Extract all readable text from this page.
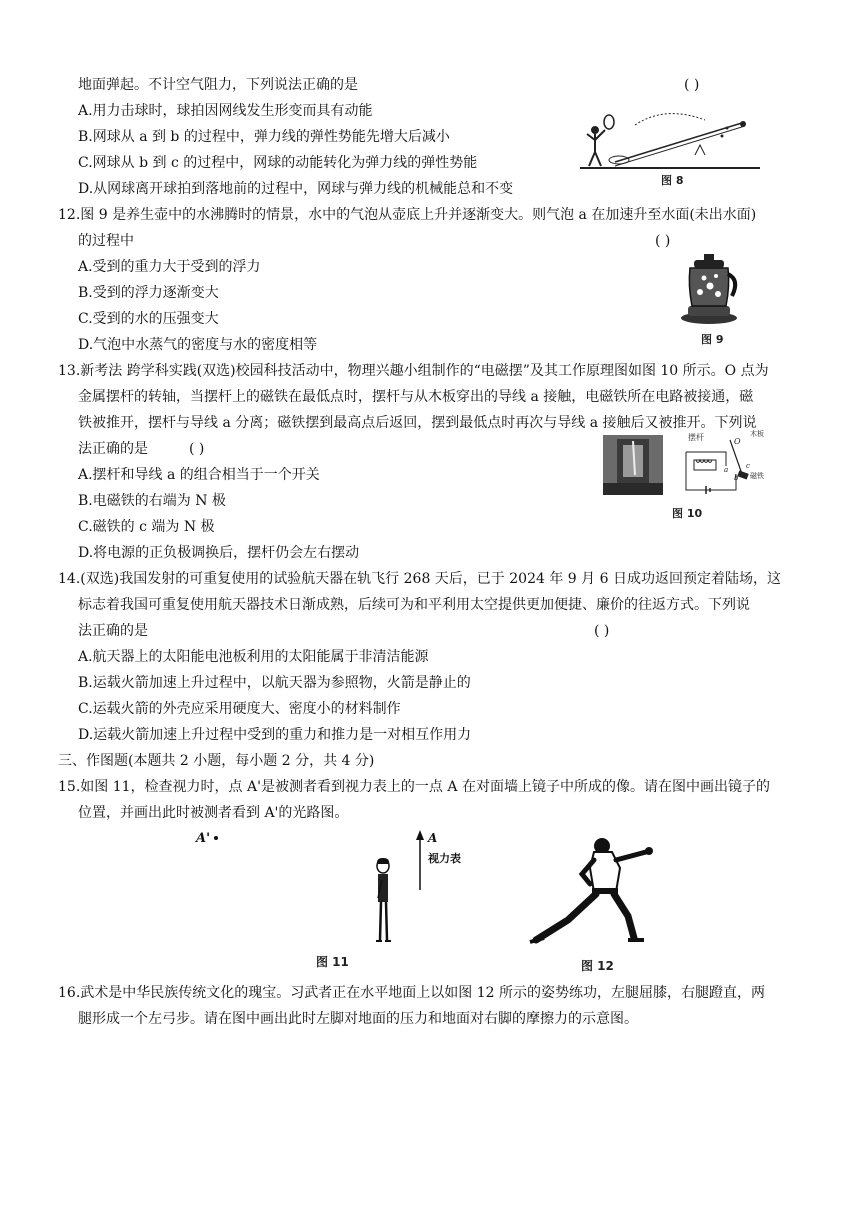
地面弹起。不计空气阻力，下列说法正确的是	( )
A.用力击球时，球拍因网线发生形变而具有动能
B.网球从 a 到 b 的过程中，弹力线的弹性势能先增大后减小
C.网球从 b 到 c 的过程中，网球的动能转化为弹力线的弹性势能
D.从网球离开球拍到落地前的过程中，网球与弹力线的机械能总和不变
图 8
12.图 9 是养生壶中的水沸腾时的情景，水中的气泡从壶底上升并逐渐变大。则气泡 a 在加速升至水面(未出水面)
的过程中	( )
A.受到的重力大于受到的浮力
B.受到的浮力逐渐变大
C.受到的水的压强变大
D.气泡中水蒸气的密度与水的密度相等	图 9
13.新考法 跨学科实践(双选)校园科技活动中，物理兴趣小组制作的“电磁摆”及其工作原理图如图 10 所示。O 点为
金属摆杆的转轴，当摆杆上的磁铁在最低点时，摆杆与从木板穿出的导线 a 接触，电磁铁所在电路被接通，磁
铁被推开，摆杆与导线 a 分离；磁铁摆到最高点后返回，摆到最低点时再次与导线 a 接触后又被推开。下列说
法正确的是	( )
A.摆杆和导线 a 的组合相当于一个开关
B.电磁铁的右端为 N 极
C.磁铁的 c 端为 N 极
D.将电源的正负极调换后，摆杆仍会左右摆动
摆杆	O
木板
磁铁
b
c
a
图 10
14.(双选)我国发射的可重复使用的试验航天器在轨飞行 268 天后，已于 2024 年 9 月 6 日成功返回预定着陆场，这
标志着我国可重复使用航天器技术日渐成熟，后续可为和平利用太空提供更加便捷、廉价的往返方式。下列说
法正确的是	( )
A.航天器上的太阳能电池板利用的太阳能属于非清洁能源
B.运载火箭加速上升过程中，以航天器为参照物，火箭是静止的
C.运载火箭的外壳应采用硬度大、密度小的材料制作
D.运载火箭加速上升过程中受到的重力和推力是一对相互作用力
三、作图题(本题共 2 小题，每小题 2 分，共 4 分)
15.如图 11，检查视力时，点 A'是被测者看到视力表上的一点 A 在对面墙上镜子中所成的像。请在图中画出镜子的
位置，并画出此时被测者看到 A'的光路图。
A'	A
视力表
图 11	图 12
16.武术是中华民族传统文化的瑰宝。习武者正在水平地面上以如图 12 所示的姿势练功，左腿屈膝，右腿蹬直，两
腿形成一个左弓步。请在图中画出此时左脚对地面的压力和地面对右脚的摩擦力的示意图。
